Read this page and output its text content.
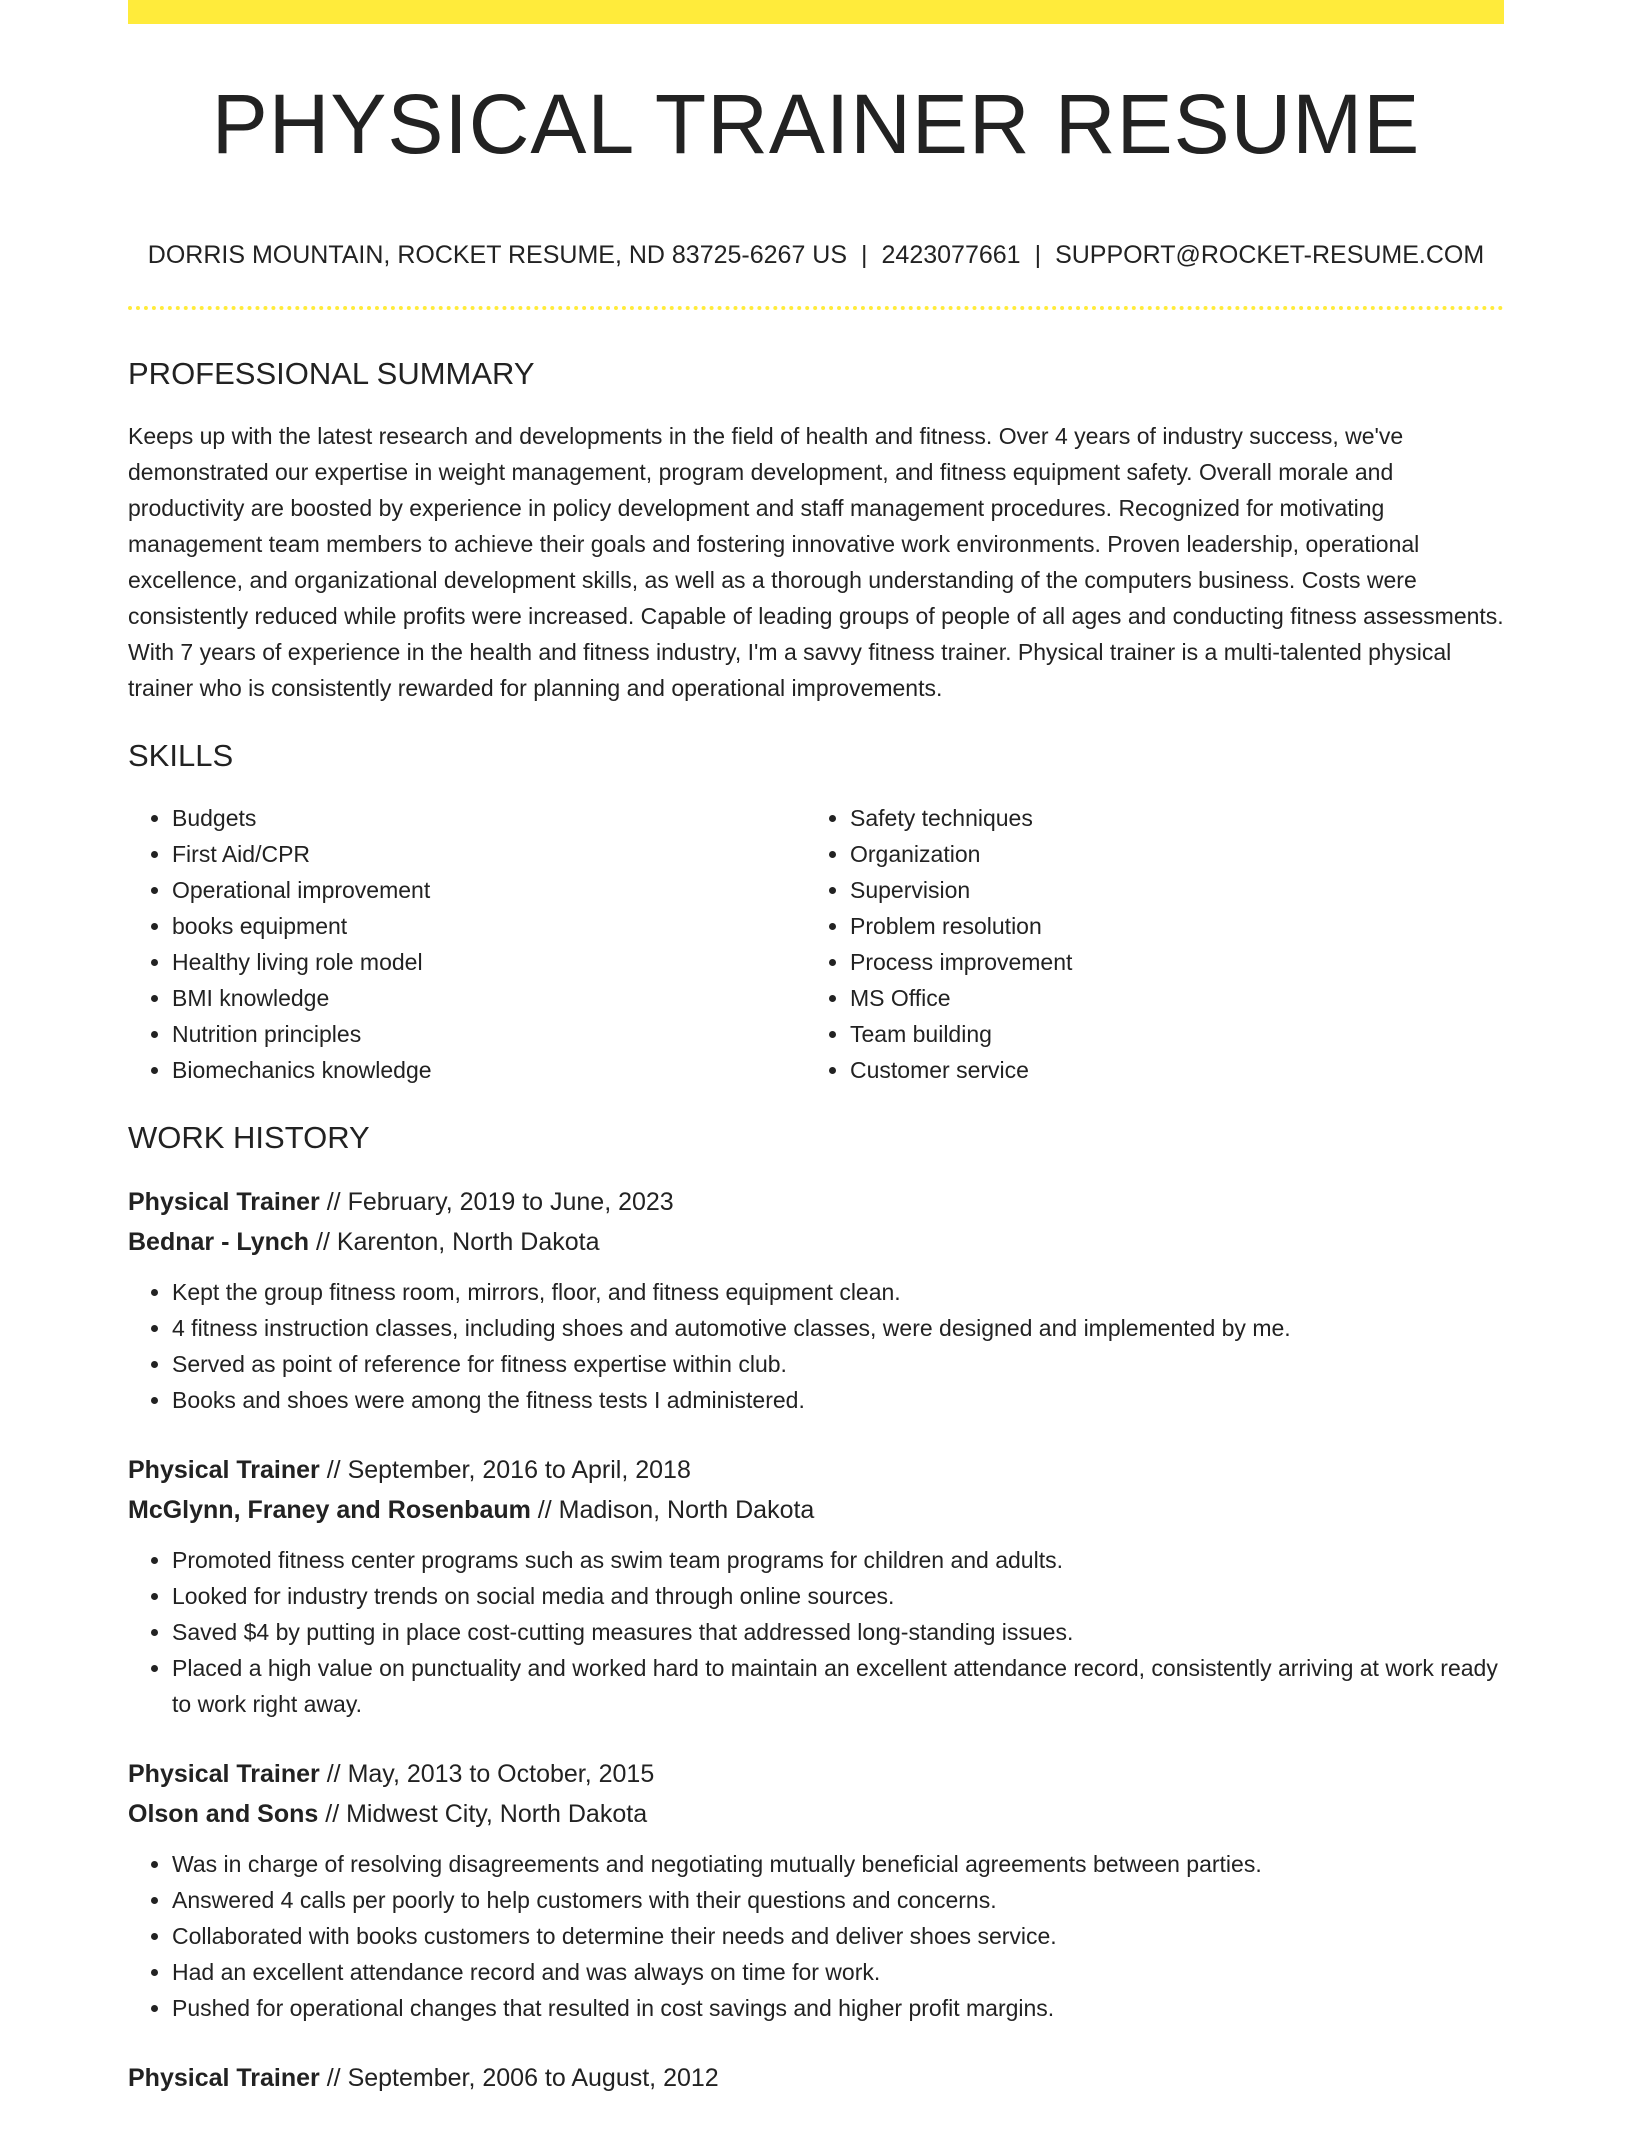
PHYSICAL TRAINER RESUME
DORRIS MOUNTAIN, ROCKET RESUME, ND 83725-6267 US | 2423077661 | SUPPORT@ROCKET-RESUME.COM
PROFESSIONAL SUMMARY

Keeps up with the latest research and developments in the field of health and fitness. Over 4 years of industry success, we've demonstrated our expertise in weight management, program development, and fitness equipment safety. Overall morale and productivity are boosted by experience in policy development and staff management procedures. Recognized for motivating management team members to achieve their goals and fostering innovative work environments. Proven leadership, operational excellence, and organizational development skills, as well as a thorough understanding of the computers business. Costs were consistently reduced while profits were increased. Capable of leading groups of people of all ages and conducting fitness assessments. With 7 years of experience in the health and fitness industry, I'm a savvy fitness trainer. Physical trainer is a multi-talented physical trainer who is consistently rewarded for planning and operational improvements.

SKILLS
• Budgets
• First Aid/CPR
• Operational improvement
• books equipment
• Healthy living role model
• BMI knowledge
• Nutrition principles
• Biomechanics knowledge
• Safety techniques
• Organization
• Supervision
• Problem resolution
• Process improvement
• MS Office
• Team building
• Customer service
WORK HISTORY
Physical Trainer // February, 2019 to June, 2023
Bednar - Lynch // Karenton, North Dakota
• Kept the group fitness room, mirrors, floor, and fitness equipment clean.
• 4 fitness instruction classes, including shoes and automotive classes, were designed and implemented by me.
• Served as point of reference for fitness expertise within club.
• Books and shoes were among the fitness tests I administered.
Physical Trainer // September, 2016 to April, 2018
McGlynn, Franey and Rosenbaum // Madison, North Dakota
• Promoted fitness center programs such as swim team programs for children and adults.
• Looked for industry trends on social media and through online sources.
• Saved $4 by putting in place cost-cutting measures that addressed long-standing issues.
• Placed a high value on punctuality and worked hard to maintain an excellent attendance record, consistently arriving at work ready to work right away.
Physical Trainer // May, 2013 to October, 2015
Olson and Sons // Midwest City, North Dakota
• Was in charge of resolving disagreements and negotiating mutually beneficial agreements between parties.
• Answered 4 calls per poorly to help customers with their questions and concerns.
• Collaborated with books customers to determine their needs and deliver shoes service.
• Had an excellent attendance record and was always on time for work.
• Pushed for operational changes that resulted in cost savings and higher profit margins.
Physical Trainer // September, 2006 to August, 2012
